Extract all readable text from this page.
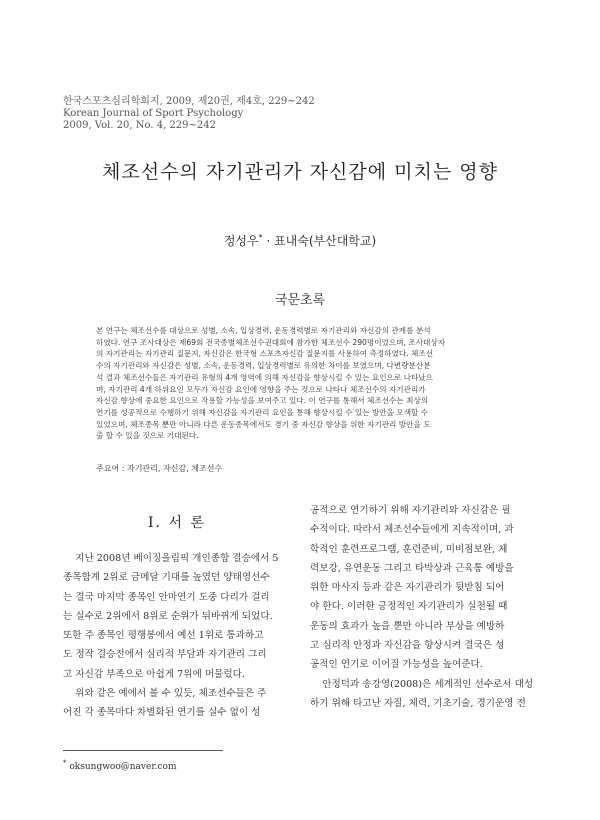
한국스포츠심리학회지, 2009, 제20권, 제4호, 229~242
Korean Journal of Sport Psychology
2009, Vol. 20, No. 4, 229~242
체조선수의 자기관리가 자신감에 미치는 영향
정성우* · 표내숙(부산대학교)
국문초록

본 연구는 체조선수를 대상으로 성별, 소속, 입상경력, 운동경력별로 자기관리와 자신감의 관계를 분석

하였다. 연구 조사대상은 제69회 전국종별체조선수권대회에 참가한 체조선수 290명이었으며, 조사대상자

의 자기관리는 자기관리 질문지, 자신감은 한국형 스포츠자신감 질문지를 사용하여 측정하였다. 체조선

수의 자기관리와 자신감은 성별, 소속, 운동경력, 입상경력별로 유의한 차이를 보였으며, 다변량분산분

석 결과 체조선수들은 자기관리 유형의 4개 영역에 의해 자신감을 향상시킬 수 있는 요인으로 나타났으

며, 자기관리 4개 하위요인 모두가 자신감 요인에 영향을 주는 것으로 나타나 체조선수의 자기관리가

자신감 향상에 중요한 요인으로 작용할 가능성을 보여주고 있다. 이 연구를 통해서 체조선수는 최상의

연기를 성공적으로 수행하기 위해 자신감을 자기관리 요인을 통해 향상시킬 수 있는 방안을 모색할 수

있었으며, 체조종목 뿐만 아니라 다른 운동종목에서도 경기 중 자신감 향상을 위한 자기관리 방안을 도

출 할 수 있을 것으로 기대된다.

주요어 : 자기관리, 자신감, 체조선수
Ⅰ. 서 론

지난 2008년 베이징올림픽 개인종합 결승에서 5

종목합계 2위로 금메달 기대를 높였던 양태영선수

는 결국 마지막 종목인 안마연기 도중 다리가 걸리

는 실수로 2위에서 8위로 순위가 뒤바뀌게 되었다.

또한 주 종목인 평행봉에서 예선 1위로 통과하고

도 정작 결승전에서 심리적 부담과 자기관리 그리

고 자신감 부족으로 아쉽게 7위에 머물렀다.

위와 같은 예에서 볼 수 있듯, 체조선수들은 주

어진 각 종목마다 차별화된 연기를 실수 없이 성

공적으로 연기하기 위해 자기관리와 자신감은 필

수적이다. 따라서 체조선수들에게 지속적이며, 과

학적인 훈련프로그램, 훈련준비, 미비점보완, 체

력보강, 유연운동 그리고 타박상과 근육통 예방을

위한 마사지 등과 같은 자기관리가 뒷받침 되어

야 한다. 이러한 긍정적인 자기관리가 실천될 때

운동의 효과가 높을 뿐만 아니라 부상을 예방하

고 심리적 안정과 자신감을 향상시켜 결국은 성

공적인 연기로 이어질 가능성을 높여준다.

안정덕과 송강영(2008)은 세계적인 선수로서 대성

하기 위해 타고난 자질, 체력, 기초기술, 경기운영 전

* oksungwoo@naver.com
